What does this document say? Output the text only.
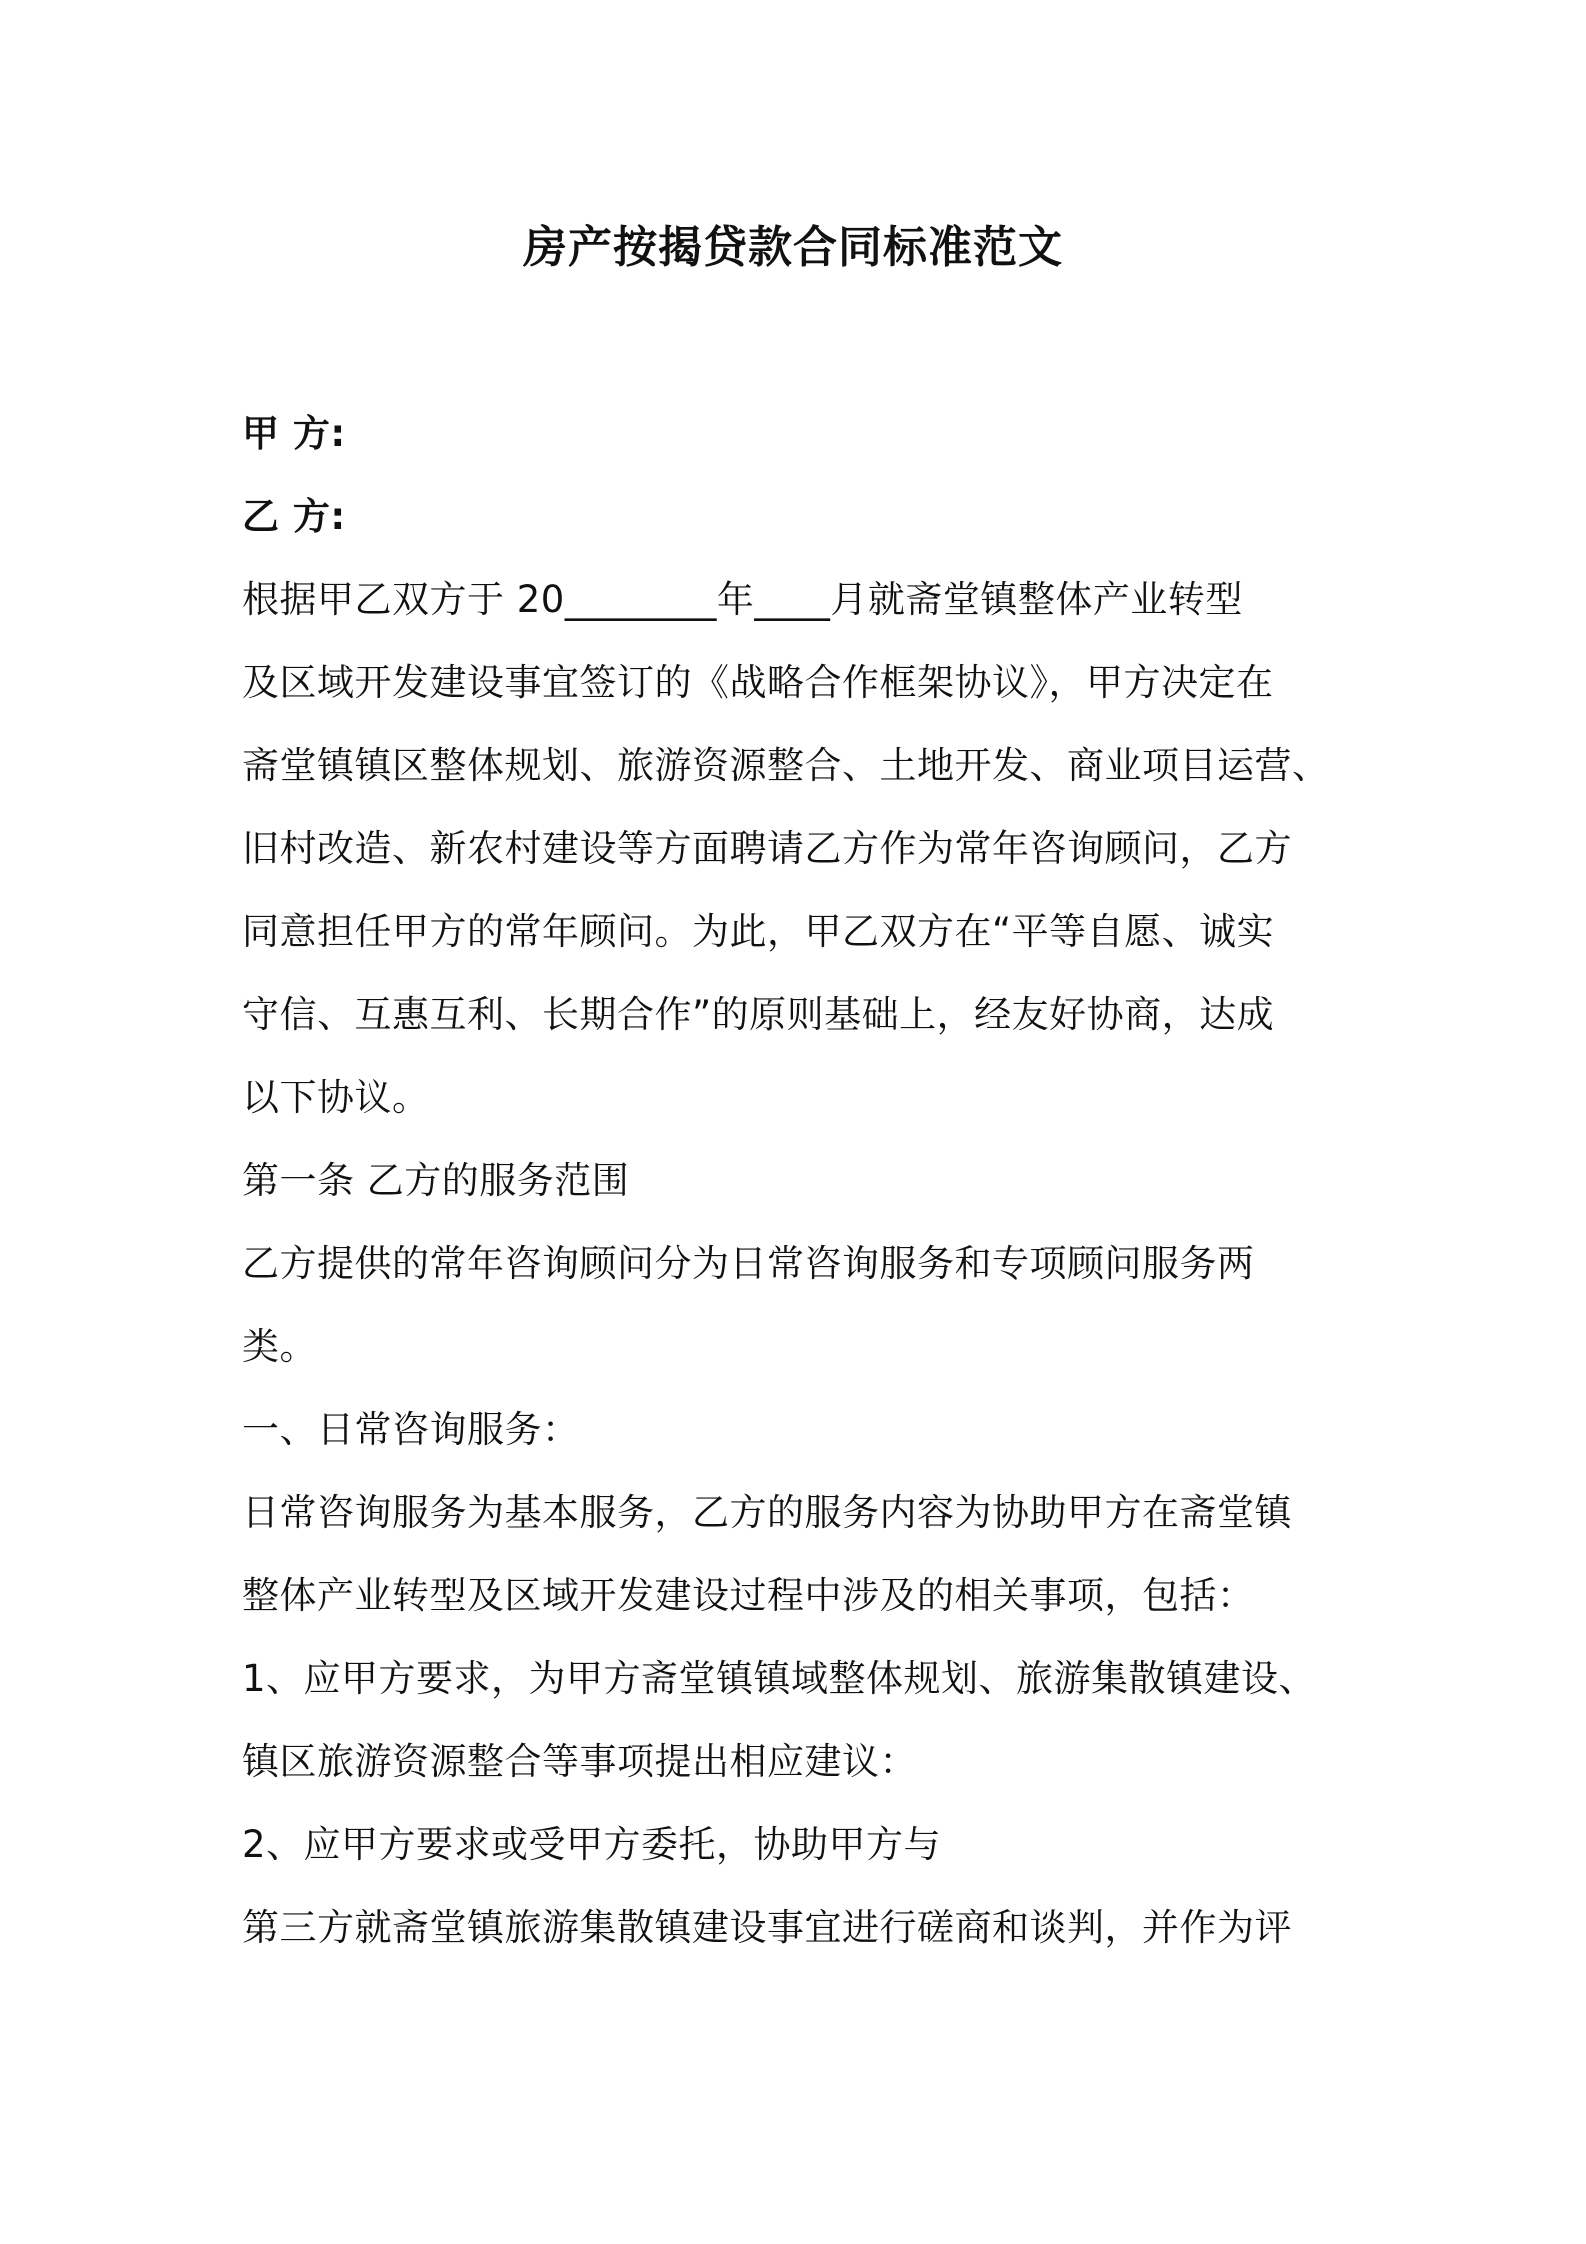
房产按揭贷款合同标准范文
甲 方:
乙 方:
根据甲乙双方于 20________年____月就斋堂镇整体产业转型
及区域开发建设事宜签订的《战略合作框架协议》，甲方决定在
斋堂镇镇区整体规划、旅游资源整合、土地开发、商业项目运营、
旧村改造、新农村建设等方面聘请乙方作为常年咨询顾问，乙方
同意担任甲方的常年顾问。为此，甲乙双方在“平等自愿、诚实
守信、互惠互利、长期合作”的原则基础上，经友好协商，达成
以下协议。
第一条 乙方的服务范围
乙方提供的常年咨询顾问分为日常咨询服务和专项顾问服务两
类。
一、日常咨询服务：
日常咨询服务为基本服务，乙方的服务内容为协助甲方在斋堂镇
整体产业转型及区域开发建设过程中涉及的相关事项，包括：
1、应甲方要求，为甲方斋堂镇镇域整体规划、旅游集散镇建设、
镇区旅游资源整合等事项提出相应建议：
2、应甲方要求或受甲方委托，协助甲方与
第三方就斋堂镇旅游集散镇建设事宜进行磋商和谈判，并作为评
